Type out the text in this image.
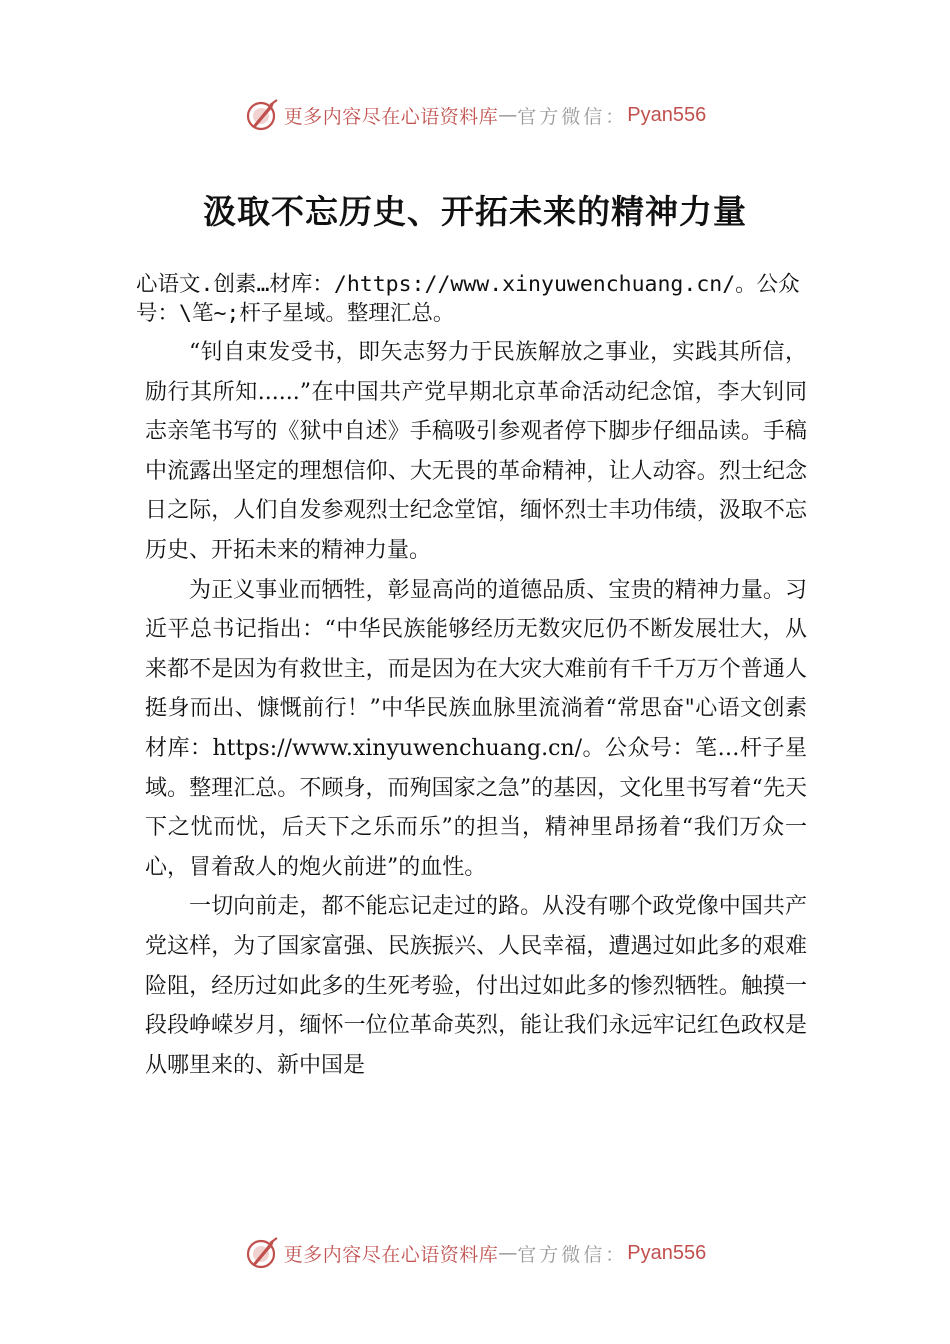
更多内容尽在心语资料库 — 官方微信： Pyan556
汲取不忘历史、开拓未来的精神力量
心语文.创素…材库：/https://www.xinyuwenchuang.cn/。公众号：\笔~;杆子星域。整理汇总。

“钊自束发受书，即矢志努力于民族解放之事业，实践其所信，励行其所知......”在中国共产党早期北京革命活动纪念馆，李大钊同志亲笔书写的《狱中自述》手稿吸引参观者停下脚步仔细品读。手稿中流露出坚定的理想信仰、大无畏的革命精神，让人动容。烈士纪念日之际，人们自发参观烈士纪念堂馆，缅怀烈士丰功伟绩，汲取不忘历史、开拓未来的精神力量。

为正义事业而牺牲，彰显高尚的道德品质、宝贵的精神力量。习近平总书记指出：“中华民族能够经历无数灾厄仍不断发展壮大，从来都不是因为有救世主，而是因为在大灾大难前有千千万万个普通人挺身而出、慷慨前行！”中华民族血脉里流淌着“常思奋"心语文创素材库：https://www.xinyuwenchuang.cn/。公众号：笔…杆子星域。整理汇总。不顾身，而殉国家之急”的基因，文化里书写着“先天下之忧而忧，后天下之乐而乐”的担当，精神里昂扬着“我们万众一心，冒着敌人的炮火前进”的血性。

一切向前走，都不能忘记走过的路。从没有哪个政党像中国共产党这样，为了国家富强、民族振兴、人民幸福，遭遇过如此多的艰难险阻，经历过如此多的生死考验，付出过如此多的惨烈牺牲。触摸一段段峥嵘岁月，缅怀一位位革命英烈，能让我们永远牢记红色政权是从哪里来的、新中国是

更多内容尽在心语资料库 — 官方微信： Pyan556
